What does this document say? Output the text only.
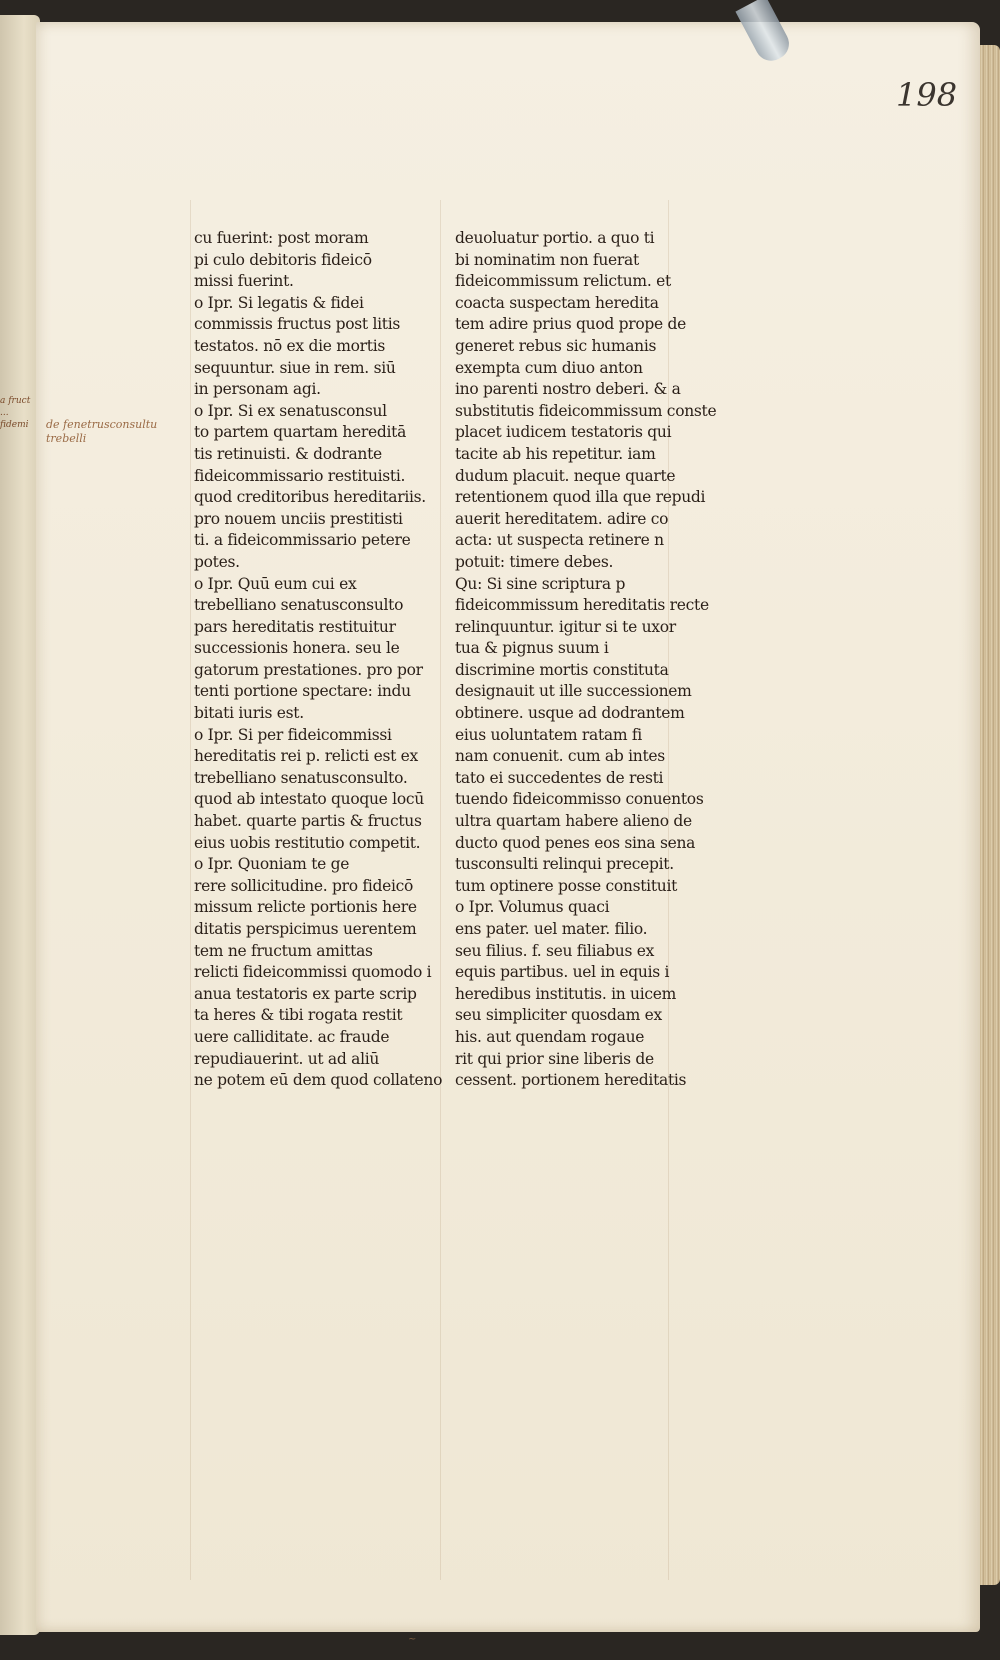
a fruct ... fidemi
198
de fenetrusconsultu trebelli
cu fuerint: post moram
pi culo debitoris fideicō
missi fuerint.
o Ipr. Si legatis & fidei
commissis fructus post litis
testatos. nō ex die mortis
sequuntur. siue in rem. siū
in personam agi.
o Ipr. Si ex senatusconsul
to partem quartam hereditā
tis retinuisti. & dodrante
fideicommissario restituisti.
quod creditoribus hereditariis.
pro nouem unciis prestitisti
ti. a fideicommissario petere
potes.
o Ipr. Quū eum cui ex
trebelliano senatusconsulto
pars hereditatis restituitur
successionis honera. seu le
gatorum prestationes. pro por
tenti portione spectare: indu
bitati iuris est.
o Ipr. Si per fideicommissi
hereditatis rei p. relicti est ex
trebelliano senatusconsulto.
quod ab intestato quoque locū
habet. quarte partis & fructus
eius uobis restitutio competit.
o Ipr. Quoniam te ge
rere sollicitudine. pro fideicō
missum relicte portionis here
ditatis perspicimus uerentem
tem ne fructum amittas
relicti fideicommissi quomodo i
anua testatoris ex parte scrip
ta heres & tibi rogata restit
uere calliditate. ac fraude
repudiauerint. ut ad aliū
ne potem eū dem quod collateno
deuoluatur portio. a quo ti
bi nominatim non fuerat
fideicommissum relictum. et
coacta suspectam heredita
tem adire prius quod prope de
generet rebus sic humanis
exempta cum diuo anton
ino parenti nostro deberi. & a
substitutis fideicommissum conste
placet iudicem testatoris qui
tacite ab his repetitur. iam
dudum placuit. neque quarte
retentionem quod illa que repudi
auerit hereditatem. adire co
acta: ut suspecta retinere n
potuit: timere debes.
Qu: Si sine scriptura p
fideicommissum hereditatis recte
relinquuntur. igitur si te uxor
tua & pignus suum i
discrimine mortis constituta
designauit ut ille successionem
obtinere. usque ad dodrantem
eius uoluntatem ratam fi
nam conuenit. cum ab intes
tato ei succedentes de resti
tuendo fideicommisso conuentos
ultra quartam habere alieno de
ducto quod penes eos sina sena
tusconsulti relinqui precepit.
tum optinere posse constituit
o Ipr. Volumus quaci
ens pater. uel mater. filio.
seu filius. f. seu filiabus ex
equis partibus. uel in equis i
heredibus institutis. in uicem
seu simpliciter quosdam ex
his. aut quendam rogaue
rit qui prior sine liberis de
cessent. portionem hereditatis
~
